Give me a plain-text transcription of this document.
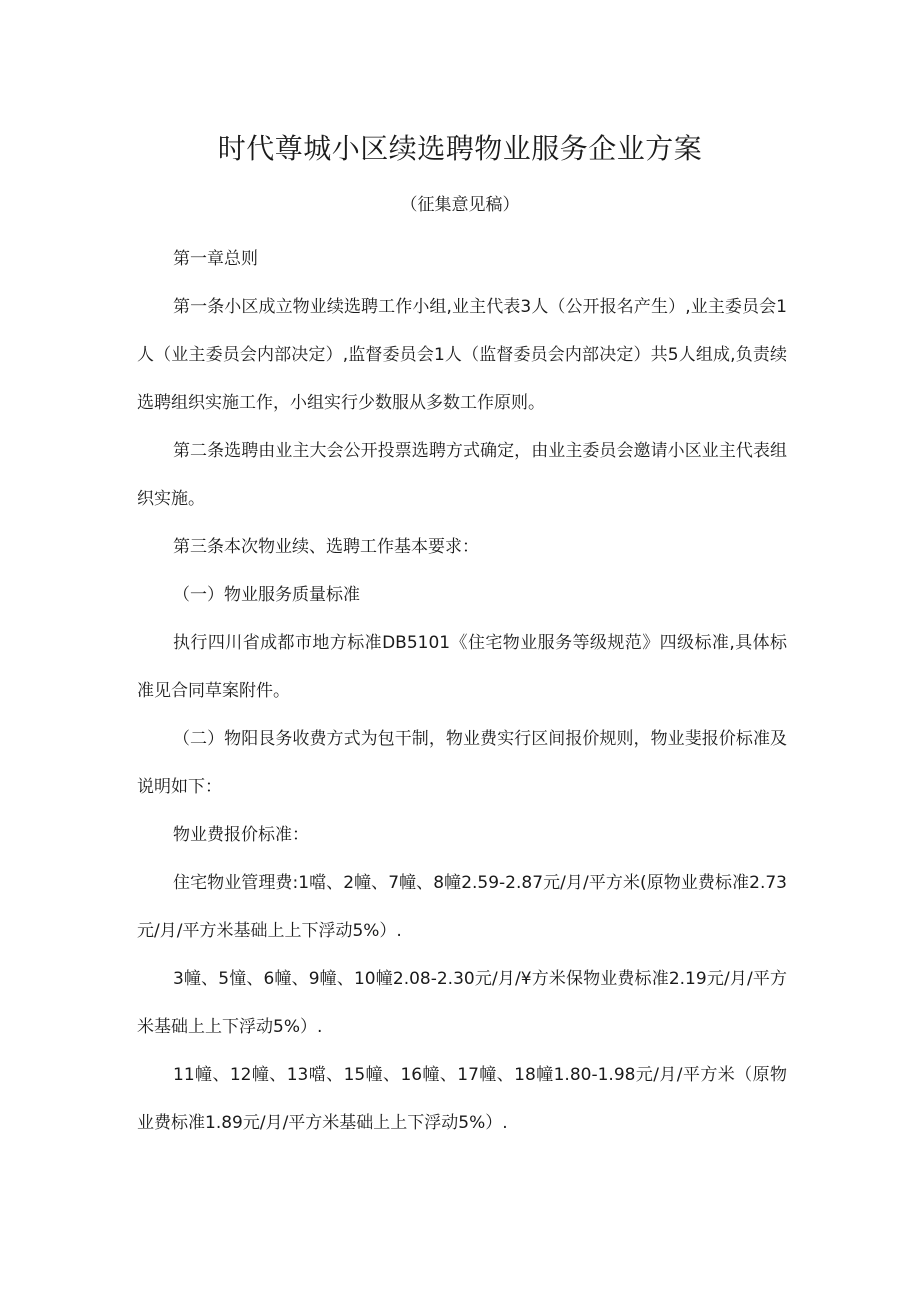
时代尊城小区续选聘物业服务企业方案

（征集意见稿）

第一章总则

第一条小区成立物业续选聘工作小组,业主代表3人（公开报名产生）,业主委员会1人（业主委员会内部决定）,监督委员会1人（监督委员会内部决定）共5人组成,负责续选聘组织实施工作，小组实行少数服从多数工作原则。

第二条选聘由业主大会公开投票选聘方式确定，由业主委员会邀请小区业主代表组织实施。

第三条本次物业续、选聘工作基本要求：

（一）物业服务质量标准

执行四川省成都市地方标准DB5101《住宅物业服务等级规范》四级标准,具体标准见合同草案附件。

（二）物阳艮务收费方式为包干制，物业费实行区间报价规则，物业斐报价标准及说明如下：

物业费报价标准：

住宅物业管理费:1噹、2幢、7幢、8幢2.59-2.87元/月/平方米(原物业费标准2.73元/月/平方米基础上上下浮动5%）.

3幢、5憧、6幢、9幢、10幢2.08-2.30元/月/¥方米保物业费标准2.19元/月/平方米基础上上下浮动5%）.

11幢、12幢、13噹、15幢、16幢、17幢、18幢1.80-1.98元/月/平方米（原物业费标准1.89元/月/平方米基础上上下浮动5%）.
